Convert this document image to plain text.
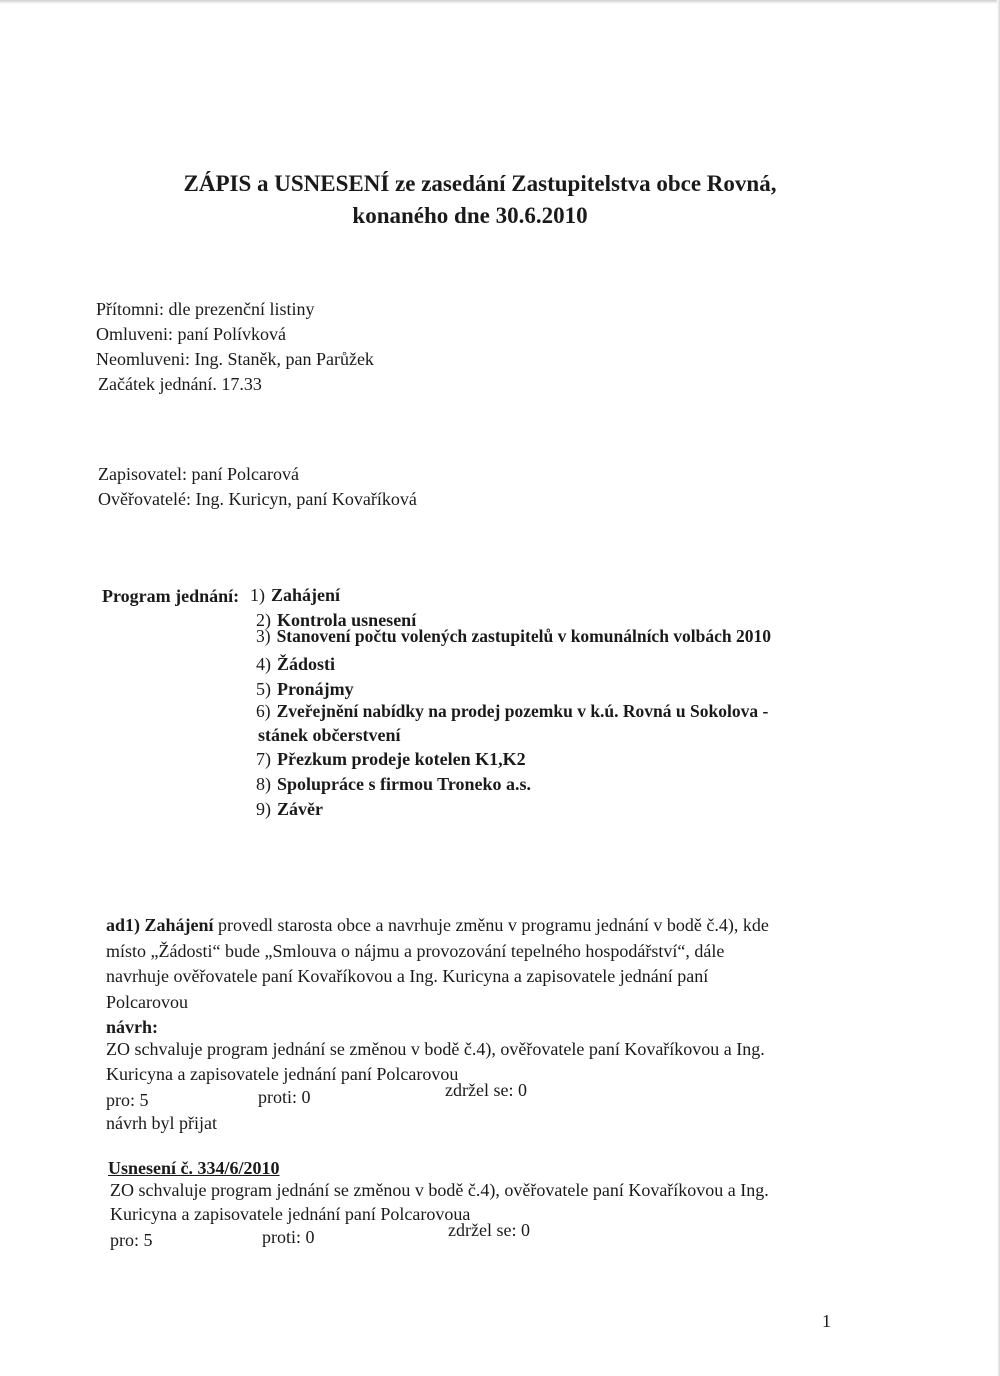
ZÁPIS a USNESENÍ ze zasedání Zastupitelstva obce Rovná,
konaného dne 30.6.2010
Přítomni: dle prezenční listiny
Omluveni: paní Polívková
Neomluveni: Ing. Staněk, pan Parůžek
Začátek jednání. 17.33
Zapisovatel: paní Polcarová
Ověřovatelé: Ing. Kuricyn, paní Kovaříková
Program jednání: 1) Zahájení
2) Kontrola usnesení
3) Stanovení počtu volených zastupitelů v komunálních volbách 2010
4) Žádosti
5) Pronájmy
6) Zveřejnění nabídky na prodej pozemku v k.ú. Rovná u Sokolova -
stánek občerstvení
7) Přezkum prodeje kotelen K1,K2
8) Spolupráce s firmou Troneko a.s.
9) Závěr
ad1) Zahájení provedl starosta obce a navrhuje změnu v programu jednání v bodě č.4), kde
místo „Žádosti“ bude „Smlouva o nájmu a provozování tepelného hospodářství“, dále
navrhuje ověřovatele paní Kovaříkovou a Ing. Kuricyna a zapisovatele jednání paní
Polcarovou
návrh:
ZO schvaluje program jednání se změnou v bodě č.4), ověřovatele paní Kovaříkovou a Ing.
Kuricyna a zapisovatele jednání paní Polcarovou
pro: 5	proti: 0	zdržel se: 0
návrh byl přijat
Usnesení č. 334/6/2010
ZO schvaluje program jednání se změnou v bodě č.4), ověřovatele paní Kovaříkovou a Ing.
Kuricyna a zapisovatele jednání paní Polcarovoua
pro: 5	proti: 0	zdržel se: 0
1
